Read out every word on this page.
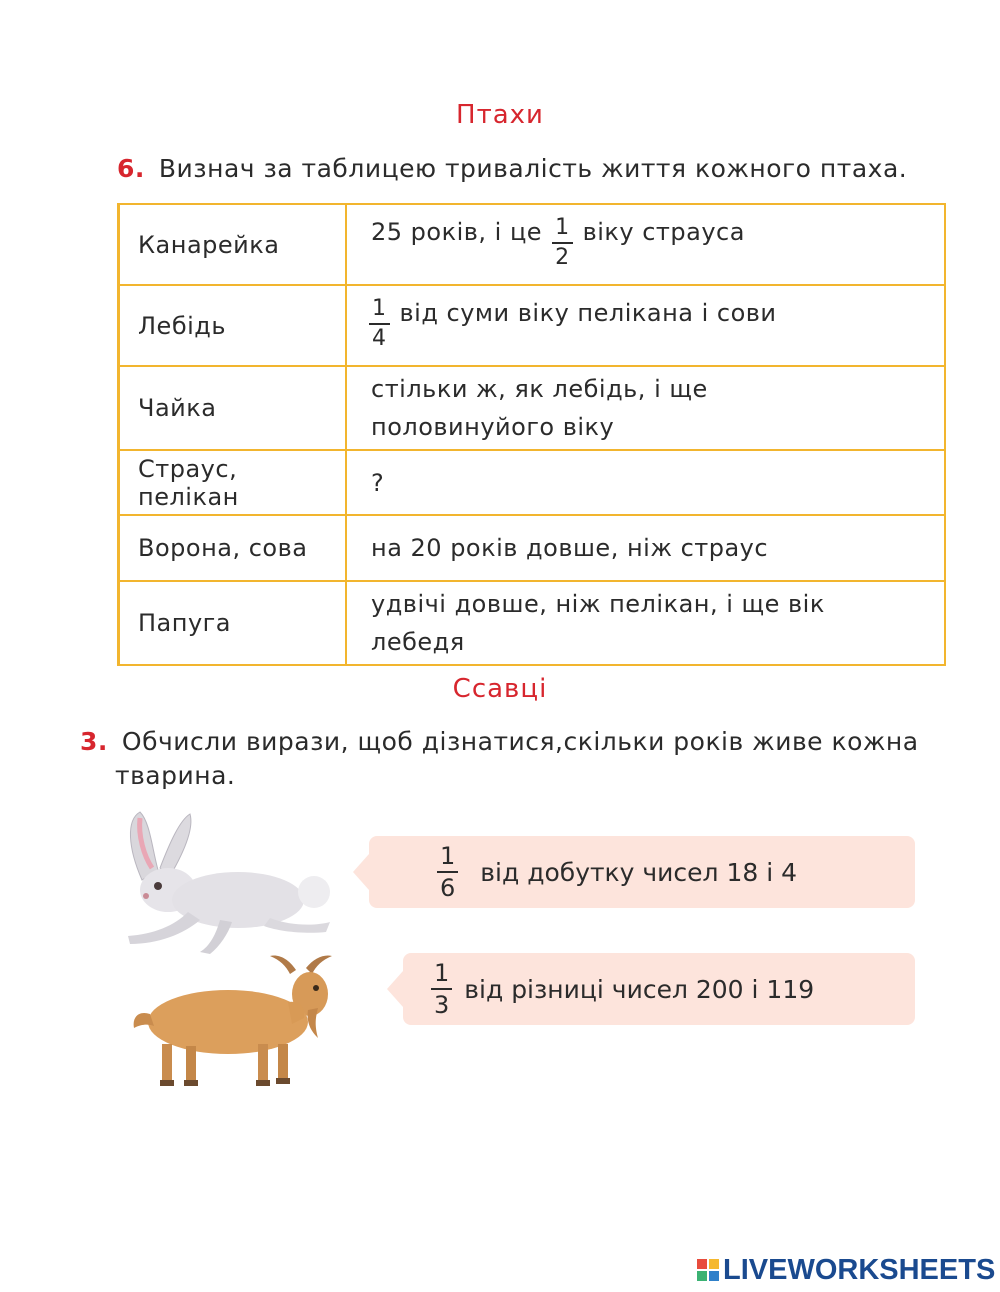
Птахи
6. Визнач за таблицею тривалість життя кожного птаха.
Канарейка	25 років, і це $\frac{1}{2}$ віку страуса
Лебідь	$\frac{1}{4}$ від суми віку пелікана і сови
Чайка	стільки ж, як лебідь, і ще
половинуйого віку

Страус, пелікан	?
Ворона, сова	на 20 років довше, ніж страус
Папуга	удвічі довше, ніж пелікан, і ще вік
лебедя
Ссавці
3. Обчисли вирази, щоб дізнатися,скільки років живе кожна
тварина.
$\frac{1}{6}$ від добутку чисел 18 і 4
$\frac{1}{3}$ від різниці чисел 200 і 119
LIVEWORKSHEETS
